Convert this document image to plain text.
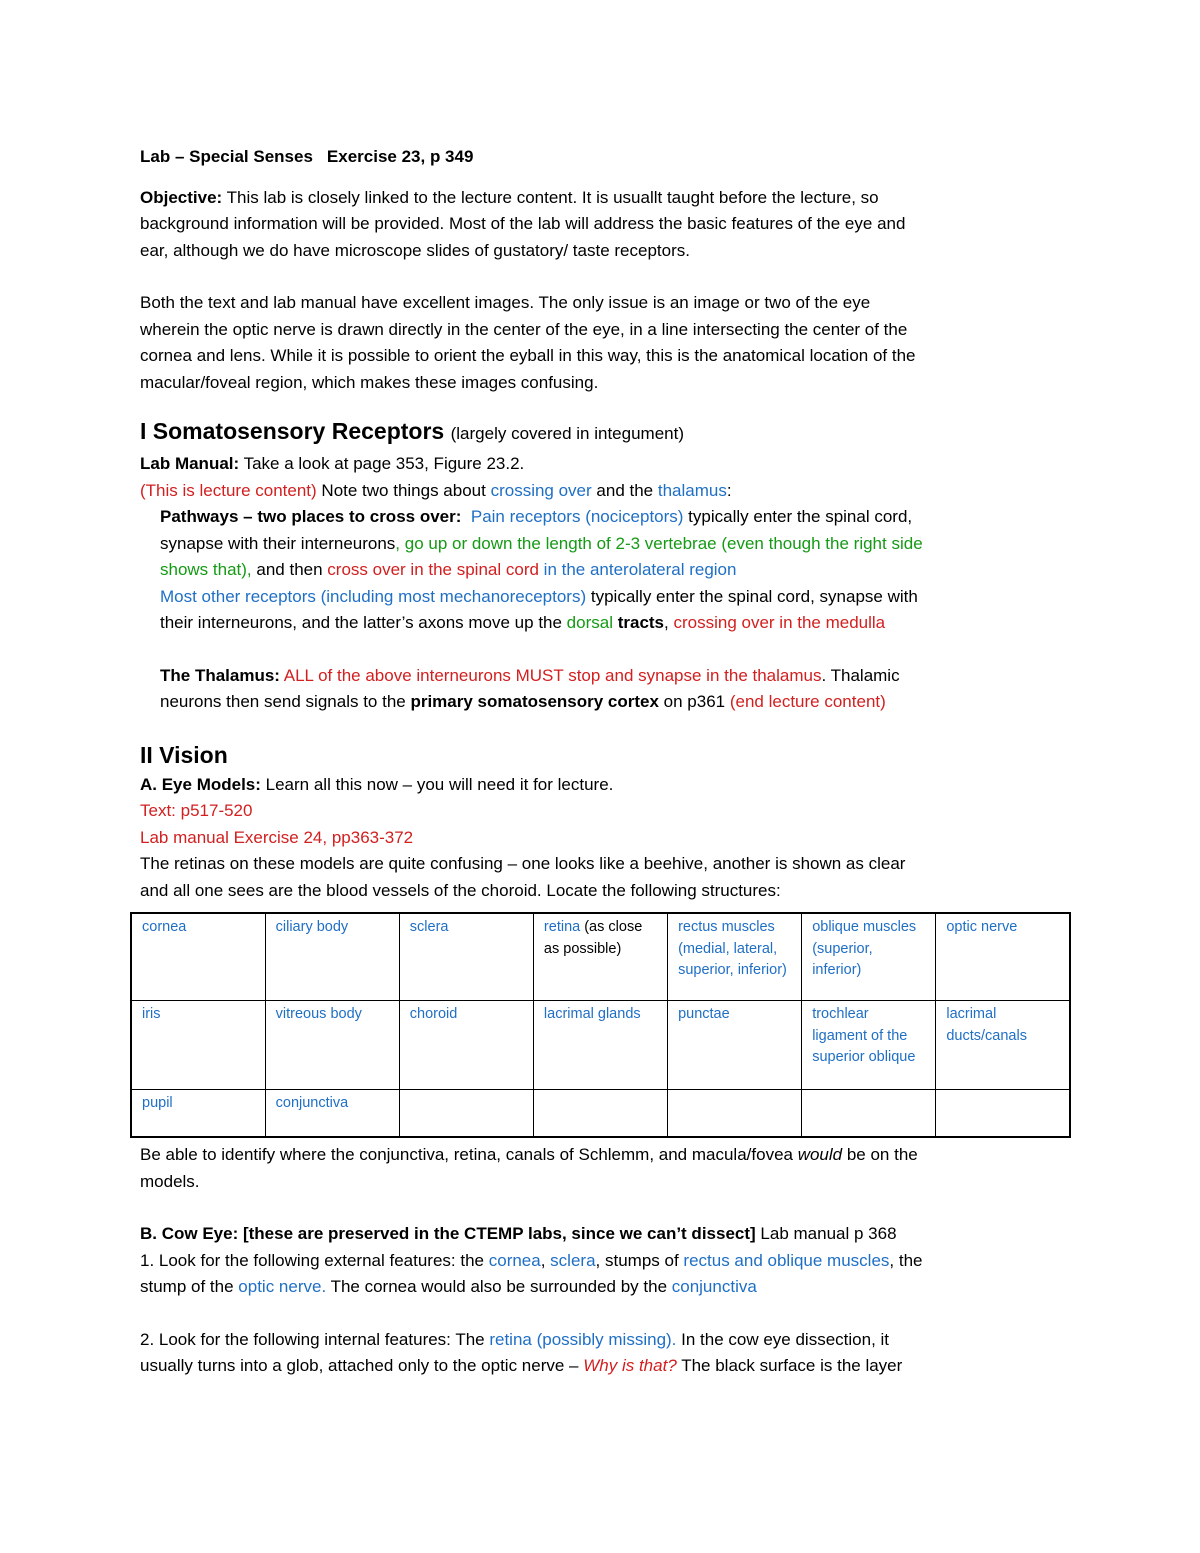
Lab – Special Senses Exercise 23, p 349
Objective: This lab is closely linked to the lecture content. It is usuallt taught before the lecture, so
background information will be provided. Most of the lab will address the basic features of the eye and
ear, although we do have microscope slides of gustatory/ taste receptors.
Both the text and lab manual have excellent images. The only issue is an image or two of the eye
wherein the optic nerve is drawn directly in the center of the eye, in a line intersecting the center of the
cornea and lens. While it is possible to orient the eyball in this way, this is the anatomical location of the
macular/foveal region, which makes these images confusing.
I Somatosensory Receptors (largely covered in integument)
Lab Manual: Take a look at page 353, Figure 23.2.
(This is lecture content) Note two things about crossing over and the thalamus:
Pathways – two places to cross over: Pain receptors (nociceptors) typically enter the spinal cord,
synapse with their interneurons, go up or down the length of 2-3 vertebrae (even though the right side
shows that), and then cross over in the spinal cord in the anterolateral region
Most other receptors (including most mechanoreceptors) typically enter the spinal cord, synapse with
their interneurons, and the latter’s axons move up the dorsal tracts, crossing over in the medulla
The Thalamus: ALL of the above interneurons MUST stop and synapse in the thalamus. Thalamic
neurons then send signals to the primary somatosensory cortex on p361 (end lecture content)
II Vision
A. Eye Models: Learn all this now – you will need it for lecture.
Text: p517-520
Lab manual Exercise 24, pp363-372
The retinas on these models are quite confusing – one looks like a beehive, another is shown as clear
and all one sees are the blood vessels of the choroid. Locate the following structures:
cornea	ciliary body	sclera	retina (as close as possible)	rectus muscles (medial, lateral, superior, inferior)	oblique muscles (superior, inferior)	optic nerve
iris	vitreous body	choroid	lacrimal glands	punctae	trochlear ligament of the superior oblique	lacrimal ducts/canals
pupil	conjunctiva					
Be able to identify where the conjunctiva, retina, canals of Schlemm, and macula/fovea would be on the
models.
B. Cow Eye: [these are preserved in the CTEMP labs, since we can’t dissect] Lab manual p 368
1. Look for the following external features: the cornea, sclera, stumps of rectus and oblique muscles, the
stump of the optic nerve. The cornea would also be surrounded by the conjunctiva
2. Look for the following internal features: The retina (possibly missing). In the cow eye dissection, it
usually turns into a glob, attached only to the optic nerve – Why is that? The black surface is the layer
